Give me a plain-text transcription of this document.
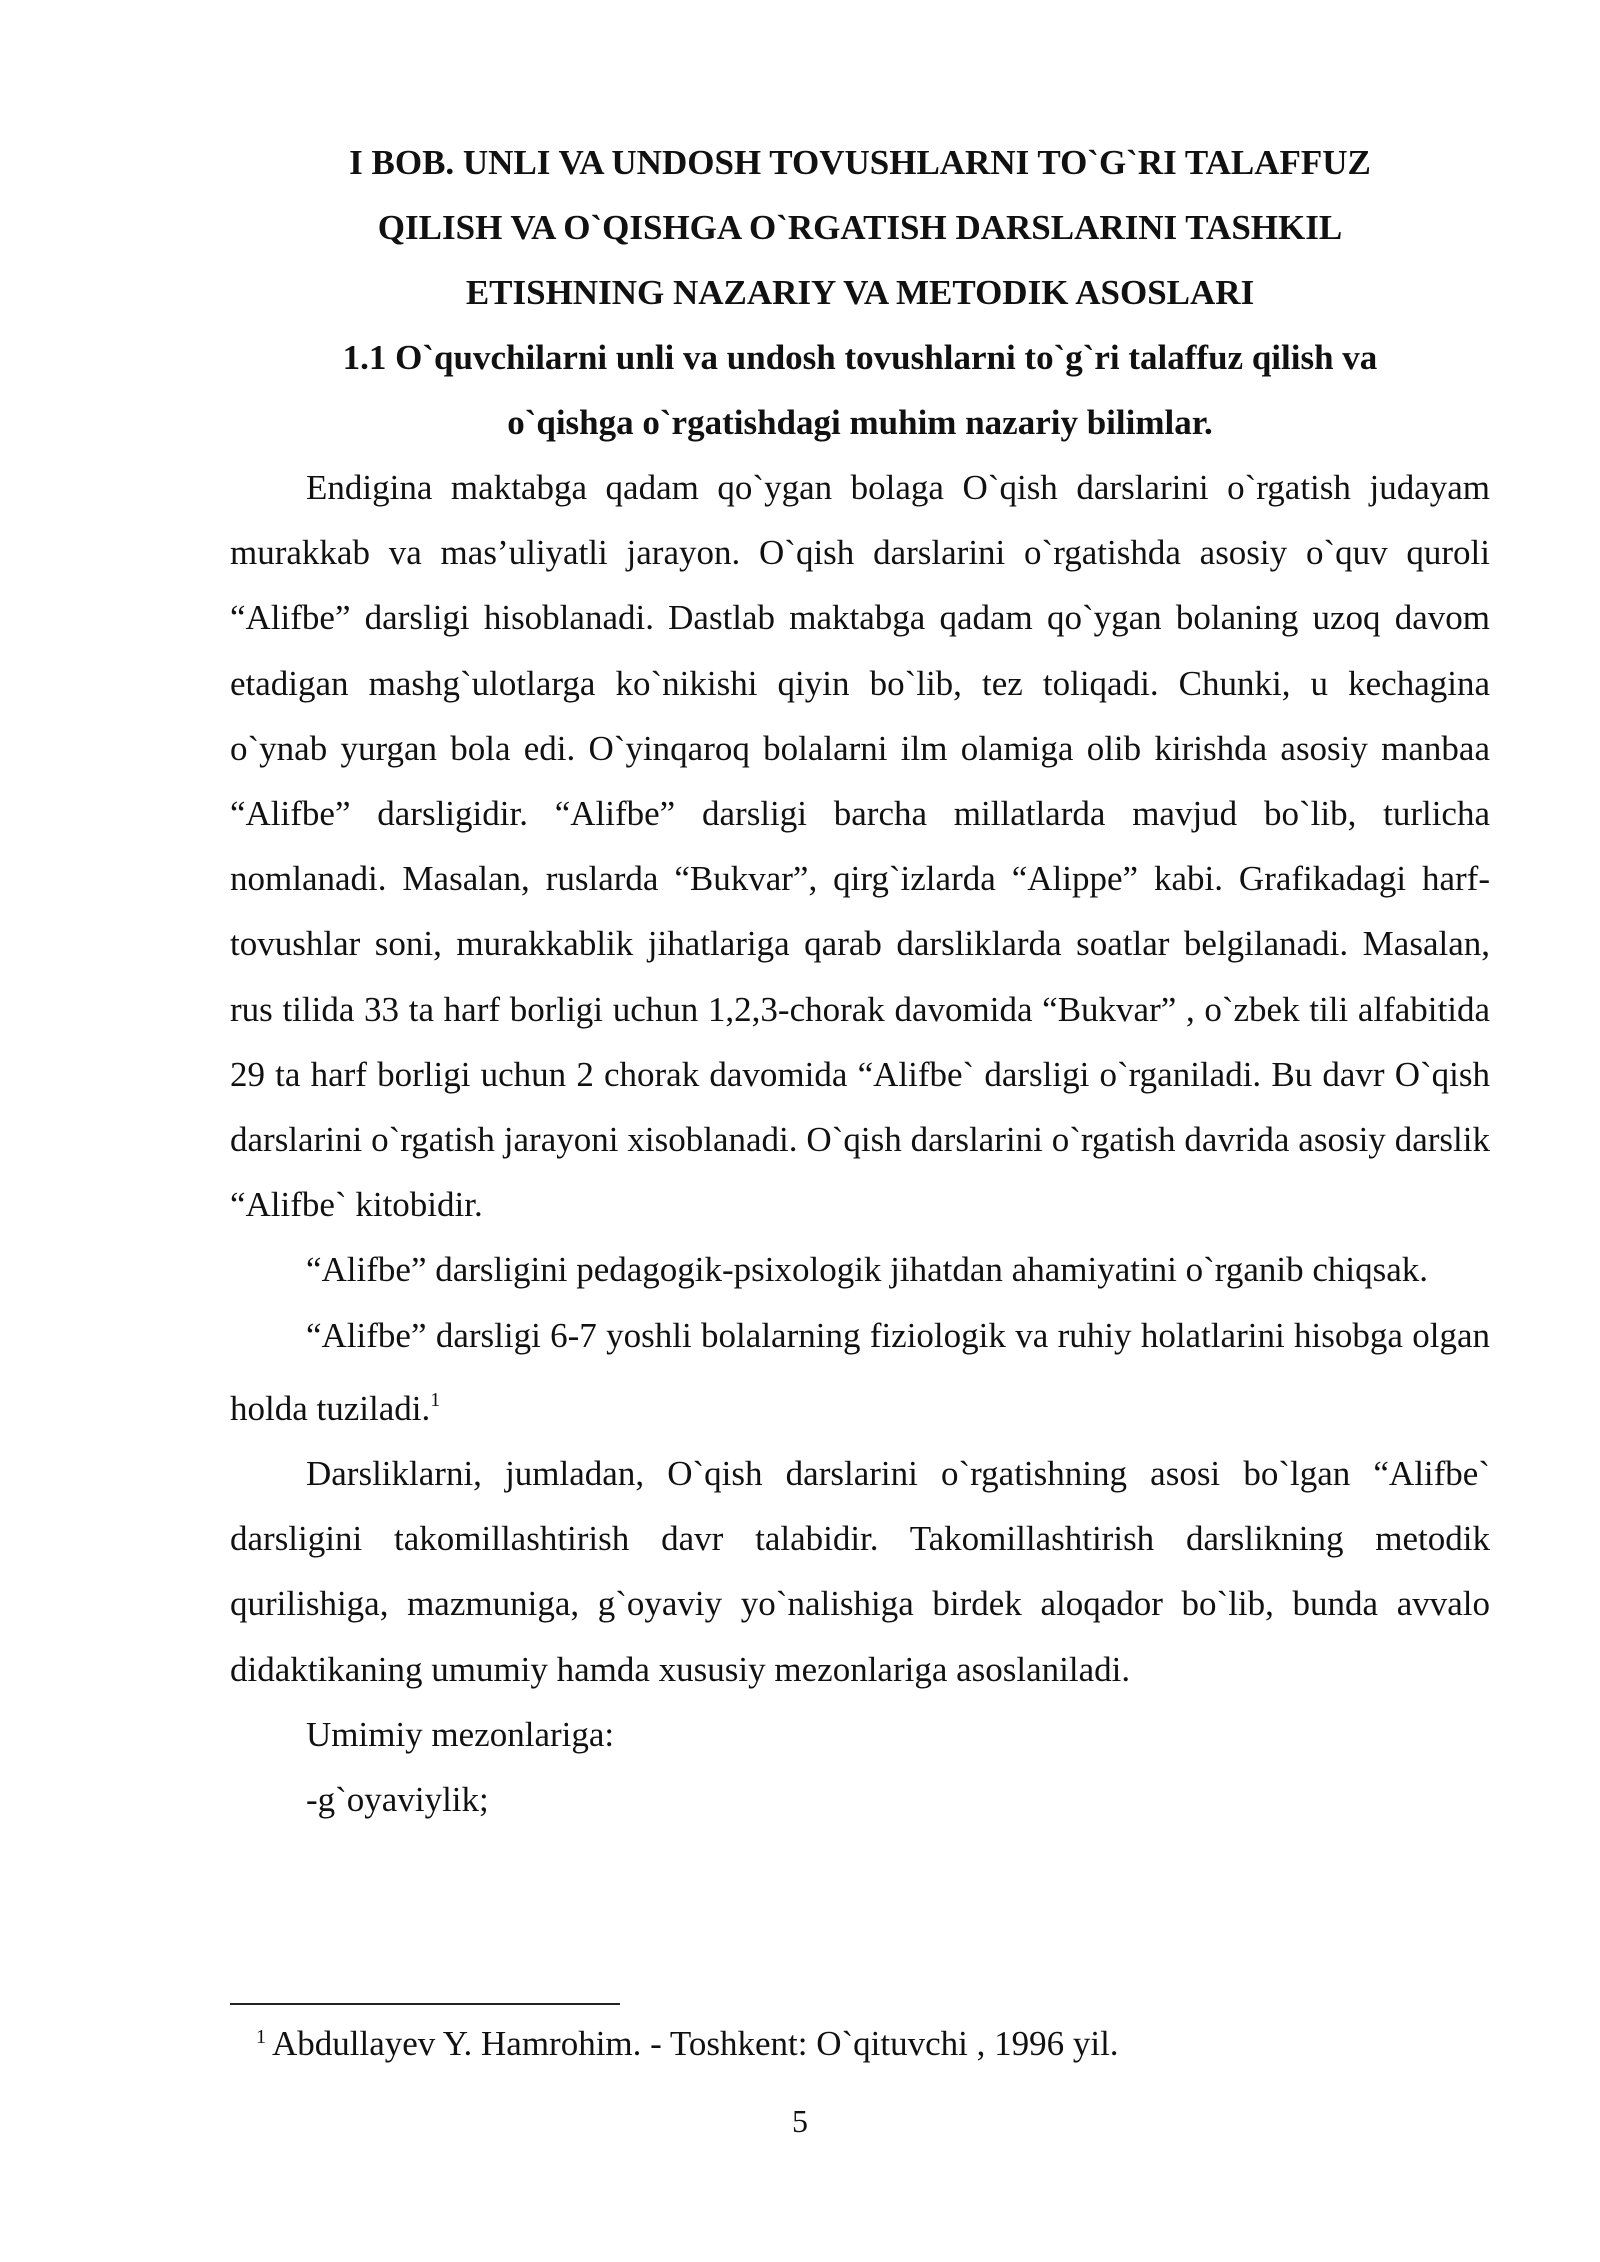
I BOB. UNLI VA UNDOSH TOVUSHLARNI TO`G`RI TALAFFUZ
QILISH VA O`QISHGA O`RGATISH DARSLARINI TASHKIL
ETISHNING NAZARIY VA METODIK ASOSLARI
1.1 O`quvchilarni unli va undosh tovushlarni to`g`ri talaffuz qilish va
o`qishga o`rgatishdagi muhim nazariy bilimlar.

Endigina maktabga qadam qo`ygan bolaga O`qish darslarini o`rgatish judayam murakkab va mas’uliyatli jarayon. O`qish darslarini o`rgatishda asosiy o`quv quroli “Alifbe” darsligi hisoblanadi. Dastlab maktabga qadam qo`ygan bolaning uzoq davom etadigan mashg`ulotlarga ko`nikishi qiyin bo`lib, tez toliqadi. Chunki, u kechagina o`ynab yurgan bola edi. O`yinqaroq bolalarni ilm olamiga olib kirishda asosiy manbaa “Alifbe” darsligidir. “Alifbe” darsligi barcha millatlarda mavjud bo`lib, turlicha nomlanadi. Masalan, ruslarda “Bukvar”, qirg`izlarda “Alippe” kabi. Grafikadagi harf-tovushlar soni, murakkablik jihatlariga qarab darsliklarda soatlar belgilanadi. Masalan, rus tilida 33 ta harf borligi uchun 1,2,3-chorak davomida “Bukvar” , o`zbek tili alfabitida 29 ta harf borligi uchun 2 chorak davomida “Alifbe` darsligi o`rganiladi. Bu davr O`qish darslarini o`rgatish jarayoni xisoblanadi. O`qish darslarini o`rgatish davrida asosiy darslik “Alifbe` kitobidir.

“Alifbe” darsligini pedagogik-psixologik jihatdan ahamiyatini o`rganib chiqsak.

“Alifbe” darsligi 6-7 yoshli bolalarning fiziologik va ruhiy holatlarini hisobga olgan holda tuziladi.$^1$

Darsliklarni, jumladan, O`qish darslarini o`rgatishning asosi bo`lgan “Alifbe` darsligini takomillashtirish davr talabidir. Takomillashtirish darslikning metodik qurilishiga, mazmuniga, g`oyaviy yo`nalishiga birdek aloqador bo`lib, bunda avvalo didaktikaning umumiy hamda xususiy mezonlariga asoslaniladi.

Umimiy mezonlariga:

-g`oyaviylik;

$^1$ Abdullayev Y. Hamrohim. - Toshkent: O`qituvchi , 1996 yil.
5
